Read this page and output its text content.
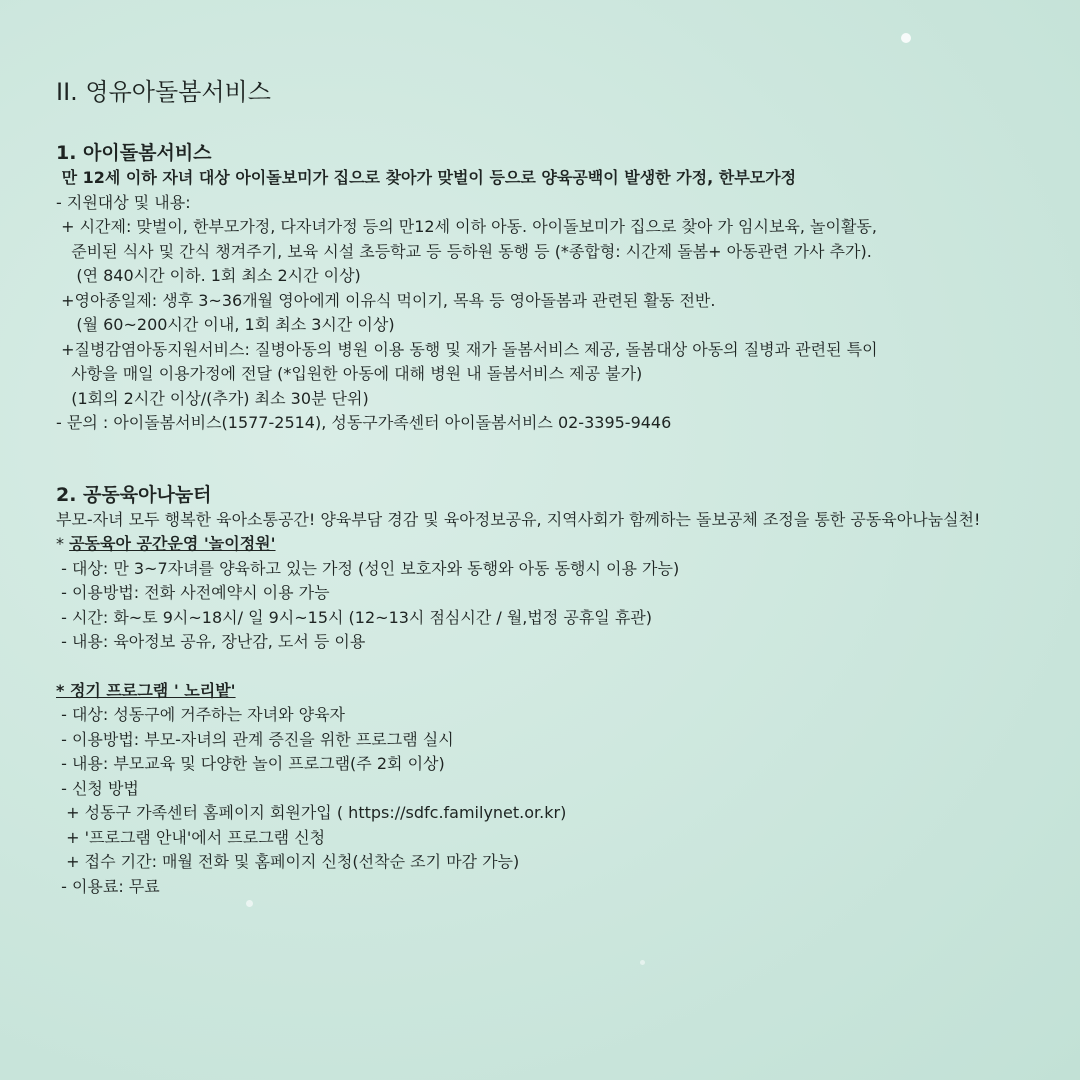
II. 영유아돌봄서비스
1. 아이돌봄서비스
만 12세 이하 자녀 대상 아이돌보미가 집으로 찾아가 맞벌이 등으로 양육공백이 발생한 가정, 한부모가정
- 지원대상 및 내용:
+ 시간제: 맞벌이, 한부모가정, 다자녀가정 등의 만12세 이하 아동. 아이돌보미가 집으로 찾아 가 임시보육, 놀이활동,
준비된 식사 및 간식 챙겨주기, 보육 시설 초등학교 등 등하원 동행 등 (*종합형: 시간제 돌봄+ 아동관련 가사 추가).
(연 840시간 이하. 1회 최소 2시간 이상)
+영아종일제: 생후 3~36개월 영아에게 이유식 먹이기, 목욕 등 영아돌봄과 관련된 활동 전반.
(월 60~200시간 이내, 1회 최소 3시간 이상)
+질병감염아동지원서비스: 질병아동의 병원 이용 동행 및 재가 돌봄서비스 제공, 돌봄대상 아동의 질병과 관련된 특이
사항을 매일 이용가정에 전달 (*입원한 아동에 대해 병원 내 돌봄서비스 제공 불가)
(1회의 2시간 이상/(추가) 최소 30분 단위)
- 문의 : 아이돌봄서비스(1577-2514), 성동구가족센터 아이돌봄서비스 02-3395-9446
2. 공동육아나눔터
부모-자녀 모두 행복한 육아소통공간! 양육부담 경감 및 육아정보공유, 지역사회가 함께하는 돌보공체 조정을 통한 공동육아나눔실천!
* 공동육아 공간운영 '놀이정원'
- 대상: 만 3~7자녀를 양육하고 있는 가정 (성인 보호자와 동행와 아동 동행시 이용 가능)
- 이용방법: 전화 사전예약시 이용 가능
- 시간: 화~토 9시~18시/ 일 9시~15시 (12~13시 점심시간 / 월,법정 공휴일 휴관)
- 내용: 육아정보 공유, 장난감, 도서 등 이용
* 정기 프로그램 ' 노리밭'
- 대상: 성동구에 거주하는 자녀와 양육자
- 이용방법: 부모-자녀의 관계 증진을 위한 프로그램 실시
- 내용: 부모교육 및 다양한 놀이 프로그램(주 2회 이상)
- 신청 방법
+ 성동구 가족센터 홈페이지 회원가입 ( https://sdfc.familynet.or.kr)
+ '프로그램 안내'에서 프로그램 신청
+ 접수 기간: 매월 전화 및 홈페이지 신청(선착순 조기 마감 가능)
- 이용료: 무료
